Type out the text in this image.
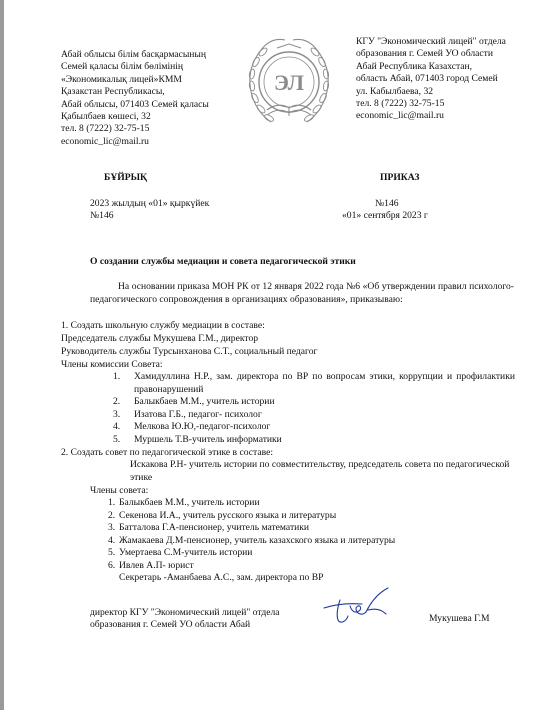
Абай облысы білім басқармасының
Семей қаласы білім бөлімінің
«Экономикалық лицей»КММ
Қазакстан Республикасы,
Абай облысы, 071403 Семей қаласы
Қабылбаев көшесі, 32
тел. 8 (7222) 32-75-15
economic_lic@mail.ru
ЭЛ
КГУ "Экономический лицей" отдела
образования г. Семей УО области
Абай Республика Казахстан,
область Абай, 071403 город Семей
ул. Кабылбаева, 32
тел. 8 (7222) 32-75-15
economic_lic@mail.ru
БҰЙРЫҚ	ПРИКАЗ
2023 жылдың «01» қыркүйек
№146
№146
«01» сентября 2023 г
О создании службы медиации и совета педагогической этики
На основании приказа МОН РК от 12 января 2022 года №6 «Об утверждении правил психолого-педагогического сопровождения в организациях образования», приказываю:
1. Создать школьную службу медиации в составе:
Председатель службы Мукушева Г.М., директор
Руководитель службы Турсынханова С.Т., социальный педагог
Члены комиссии Совета:
1. Хамидуллина Н.Р., зам. директора по ВР по вопросам этики, коррупции и профилактики правонарушений
2. Балыкбаев М.М., учитель истории
3. Изатова Г.Б., педагог- психолог
4. Мелкова Ю.Ю,-педагог-психолог
5. Муршель Т.В-учитель информатики
2. Создать совет по педагогической этике в составе:
Искакова Р.Н- учитель истории по совместительству, председатель совета по педагогической этике
Члены совета:
1. Балыкбаев М.М., учитель истории
2. Секенова И.А., учитель русского языка и литературы
3. Батталова Г.А-пенсионер, учитель математики
4. Жамакаева Д.М-пенсионер, учитель казахского языка и литературы
5. Умертаева С.М-учитель истории
6. Ивлев А.П- юрист
Секретарь -Аманбаева А.С., зам. директора по ВР
директор КГУ "Экономический лицей" отдела
образования г. Семей УО области Абай
Мукушева Г.М
